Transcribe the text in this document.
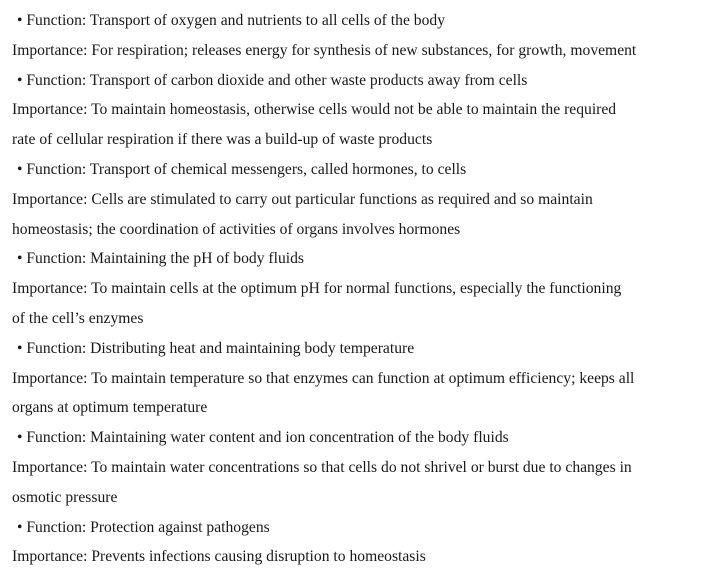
• Function: Transport of oxygen and nutrients to all cells of the body
Importance: For respiration; releases energy for synthesis of new substances, for growth, movement
• Function: Transport of carbon dioxide and other waste products away from cells
Importance: To maintain homeostasis, otherwise cells would not be able to maintain the required
rate of cellular respiration if there was a build-up of waste products
• Function: Transport of chemical messengers, called hormones, to cells
Importance: Cells are stimulated to carry out particular functions as required and so maintain
homeostasis; the coordination of activities of organs involves hormones
• Function: Maintaining the pH of body fluids
Importance: To maintain cells at the optimum pH for normal functions, especially the functioning
of the cell’s enzymes
• Function: Distributing heat and maintaining body temperature
Importance: To maintain temperature so that enzymes can function at optimum efficiency; keeps all
organs at optimum temperature
• Function: Maintaining water content and ion concentration of the body fluids
Importance: To maintain water concentrations so that cells do not shrivel or burst due to changes in
osmotic pressure
• Function: Protection against pathogens
Importance: Prevents infections causing disruption to homeostasis
